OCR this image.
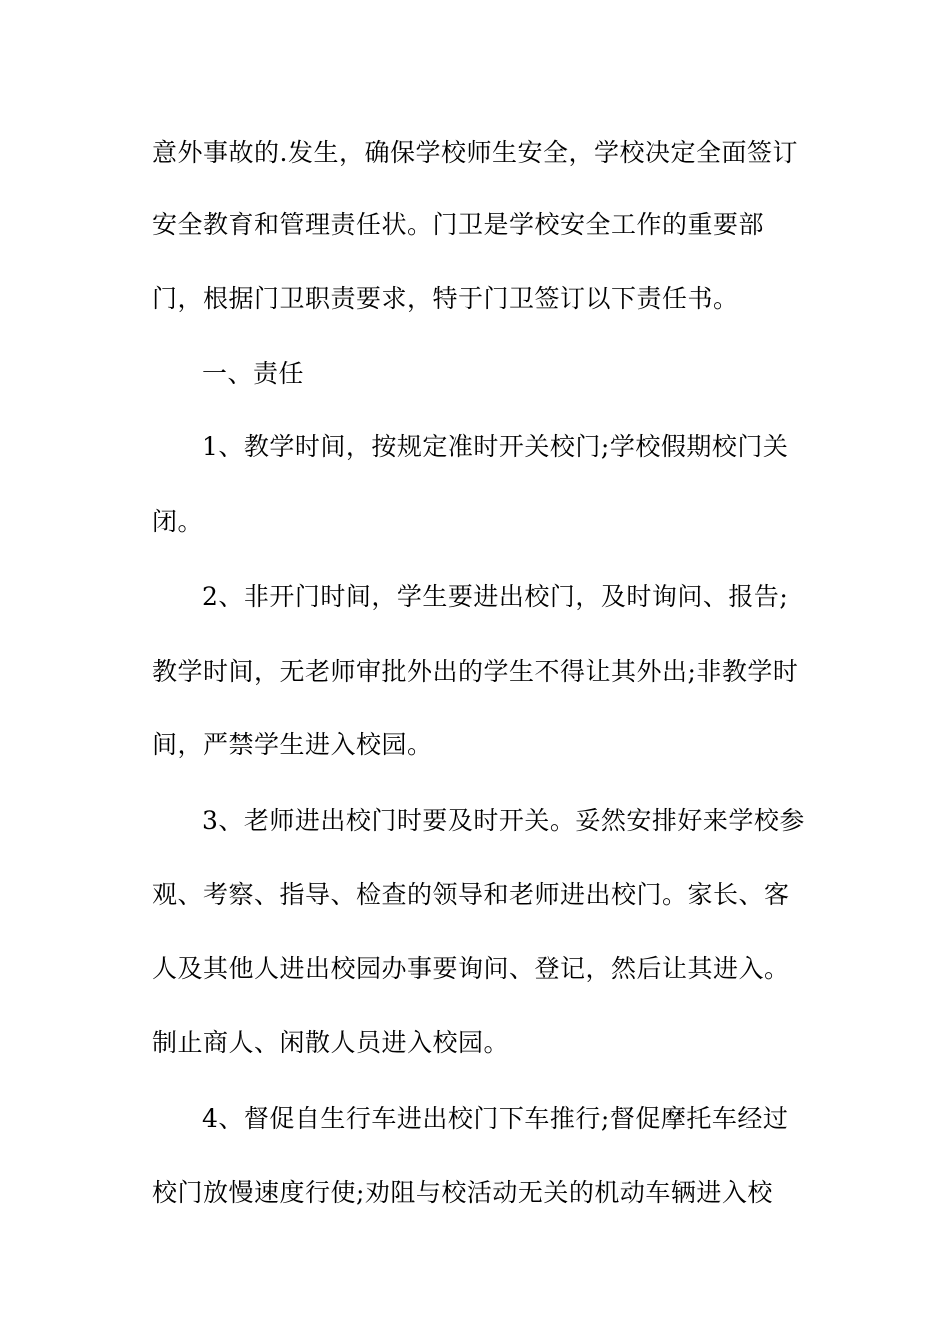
意外事故的.发生，确保学校师生安全，学校决定全面签订
安全教育和管理责任状。门卫是学校安全工作的重要部
门，根据门卫职责要求，特于门卫签订以下责任书。
一、责任
1、教学时间，按规定准时开关校门;学校假期校门关
闭。
2、非开门时间，学生要进出校门，及时询问、报告;
教学时间，无老师审批外出的学生不得让其外出;非教学时
间，严禁学生进入校园。
3、老师进出校门时要及时开关。妥然安排好来学校参
观、考察、指导、检查的领导和老师进出校门。家长、客
人及其他人进出校园办事要询问、登记，然后让其进入。
制止商人、闲散人员进入校园。
4、督促自生行车进出校门下车推行;督促摩托车经过
校门放慢速度行使;劝阻与校活动无关的机动车辆进入校
